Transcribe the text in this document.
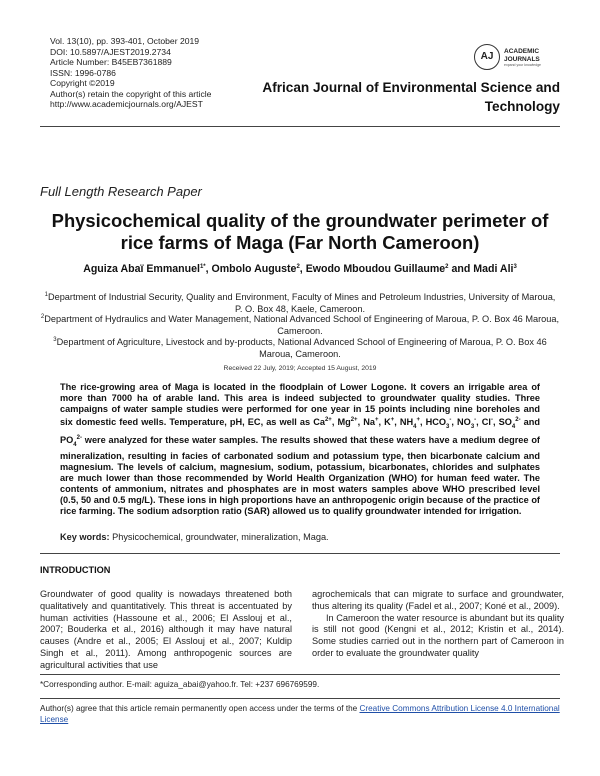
Vol. 13(10), pp. 393-401, October 2019
DOI: 10.5897/AJEST2019.2734
Article Number: B45EB7361889
ISSN: 1996-0786
Copyright ©2019
Author(s) retain the copyright of this article
http://www.academicjournals.org/AJEST
AJ	ACADEMIC
JOURNALS
expand your knowledge
African Journal of Environmental Science and Technology
Full Length Research Paper
Physicochemical quality of the groundwater perimeter of rice farms of Maga (Far North Cameroon)
Aguiza Abaï Emmanuel$^{1*}$, Ombolo Auguste$^2$, Ewodo Mboudou Guillaume$^2$ and Madi Ali$^3$
$^1$Department of Industrial Security, Quality and Environment, Faculty of Mines and Petroleum Industries, University of Maroua, P. O. Box 48, Kaele, Cameroon.
$^2$Department of Hydraulics and Water Management, National Advanced School of Engineering of Maroua, P. O. Box 46 Maroua, Cameroon.
$^3$Department of Agriculture, Livestock and by-products, National Advanced School of Engineering of Maroua, P. O. Box 46 Maroua, Cameroon.
Received 22 July, 2019; Accepted 15 August, 2019
The rice-growing area of Maga is located in the floodplain of Lower Logone. It covers an irrigable area of more than 7000 ha of arable land. This area is indeed subjected to groundwater quality studies. Three campaigns of water sample studies were performed for one year in 15 points including nine boreholes and six domestic feed wells. Temperature, pH, EC, as well as $Ca^{2+}$, $Mg^{2+}$, Na+, K+, $NH_4^+$, $HCO_3^-$, $NO_3^-$, Cl-, $SO_4^{2-}$ and $PO_4^{2-}$ were analyzed for these water samples. The results showed that these waters have a medium degree of mineralization, resulting in facies of carbonated sodium and potassium type, then bicarbonate calcium and magnesium. The levels of calcium, magnesium, sodium, potassium, bicarbonates, chlorides and sulphates are much lower than those recommended by World Health Organization (WHO) for human feed water. The contents of ammonium, nitrates and phosphates are in most waters samples above WHO prescribed level (0.5, 50 and 0.5 mg/L). These ions in high proportions have an anthropogenic origin because of the practice of rice farming. The sodium adsorption ratio (SAR) allowed us to qualify groundwater intended for irrigation.
Key words: Physicochemical, groundwater, mineralization, Maga.
INTRODUCTION
Groundwater of good quality is nowadays threatened both qualitatively and quantitatively. This threat is accentuated by human activities (Hassoune et al., 2006; El Asslouj et al., 2007; Bouderka et al., 2016) although it may have natural causes (Andre et al., 2005; El Asslouj et al., 2007; Kuldip Singh et al., 2011). Among anthropogenic sources are agricultural activities that use
agrochemicals that can migrate to surface and groundwater, thus altering its quality (Fadel et al., 2007; Koné et al., 2009).
In Cameroon the water resource is abundant but its quality is still not good (Kengni et al., 2012; Kristin et al., 2014). Some studies carried out in the northern part of Cameroon in order to evaluate the groundwater quality
*Corresponding author. E-mail: aguiza_abai@yahoo.fr. Tel: +237 696769599.
Author(s) agree that this article remain permanently open access under the terms of the Creative Commons Attribution License 4.0 International License
